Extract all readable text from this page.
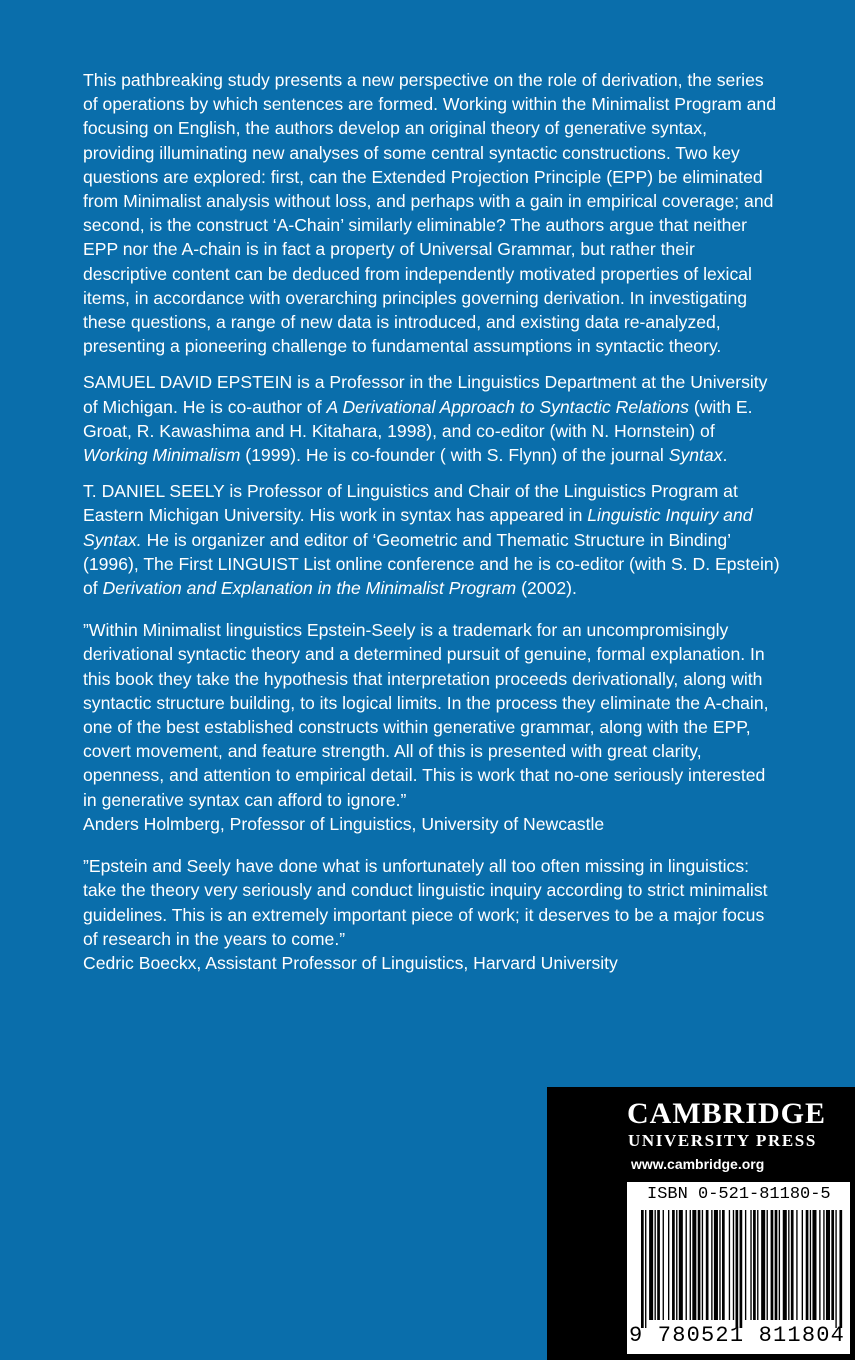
This pathbreaking study presents a new perspective on the role of derivation, the series of operations by which sentences are formed. Working within the Minimalist Program and focusing on English, the authors develop an original theory of generative syntax, providing illuminating new analyses of some central syntactic constructions. Two key questions are explored: first, can the Extended Projection Principle (EPP) be eliminated from Minimalist analysis without loss, and perhaps with a gain in empirical coverage; and second, is the construct ‘A-Chain’ similarly eliminable? The authors argue that neither EPP nor the A-chain is in fact a property of Universal Grammar, but rather their descriptive content can be deduced from independently motivated properties of lexical items, in accordance with overarching principles governing derivation. In investigating these questions, a range of new data is introduced, and existing data re-analyzed, presenting a pioneering challenge to fundamental assumptions in syntactic theory.

SAMUEL DAVID EPSTEIN is a Professor in the Linguistics Department at the University of Michigan. He is co-author of A Derivational Approach to Syntactic Relations (with E. Groat, R. Kawashima and H. Kitahara, 1998), and co-editor (with N. Hornstein) of Working Minimalism (1999). He is co-founder ( with S. Flynn) of the journal Syntax.

T. DANIEL SEELY is Professor of Linguistics and Chair of the Linguistics Program at Eastern Michigan University. His work in syntax has appeared in Linguistic Inquiry and Syntax. He is organizer and editor of ‘Geometric and Thematic Structure in Binding’ (1996), The First LINGUIST List online conference and he is co-editor (with S. D. Epstein) of Derivation and Explanation in the Minimalist Program (2002).

”Within Minimalist linguistics Epstein-Seely is a trademark for an uncompromisingly derivational syntactic theory and a determined pursuit of genuine, formal explanation. In this book they take the hypothesis that interpretation proceeds derivationally, along with syntactic structure building, to its logical limits. In the process they eliminate the A-chain, one of the best established constructs within generative grammar, along with the EPP, covert movement, and feature strength. All of this is presented with great clarity, openness, and attention to empirical detail. This is work that no-one seriously interested in generative syntax can afford to ignore.”
Anders Holmberg, Professor of Linguistics, University of Newcastle

”Epstein and Seely have done what is unfortunately all too often missing in linguistics: take the theory very seriously and conduct linguistic inquiry according to strict minimalist guidelines. This is an extremely important piece of work; it deserves to be a major focus of research in the years to come.”
Cedric Boeckx, Assistant Professor of Linguistics, Harvard University

CAMBRIDGE
UNIVERSITY PRESS
www.cambridge.org
ISBN 0-521-81180-5
9 780521 811804
